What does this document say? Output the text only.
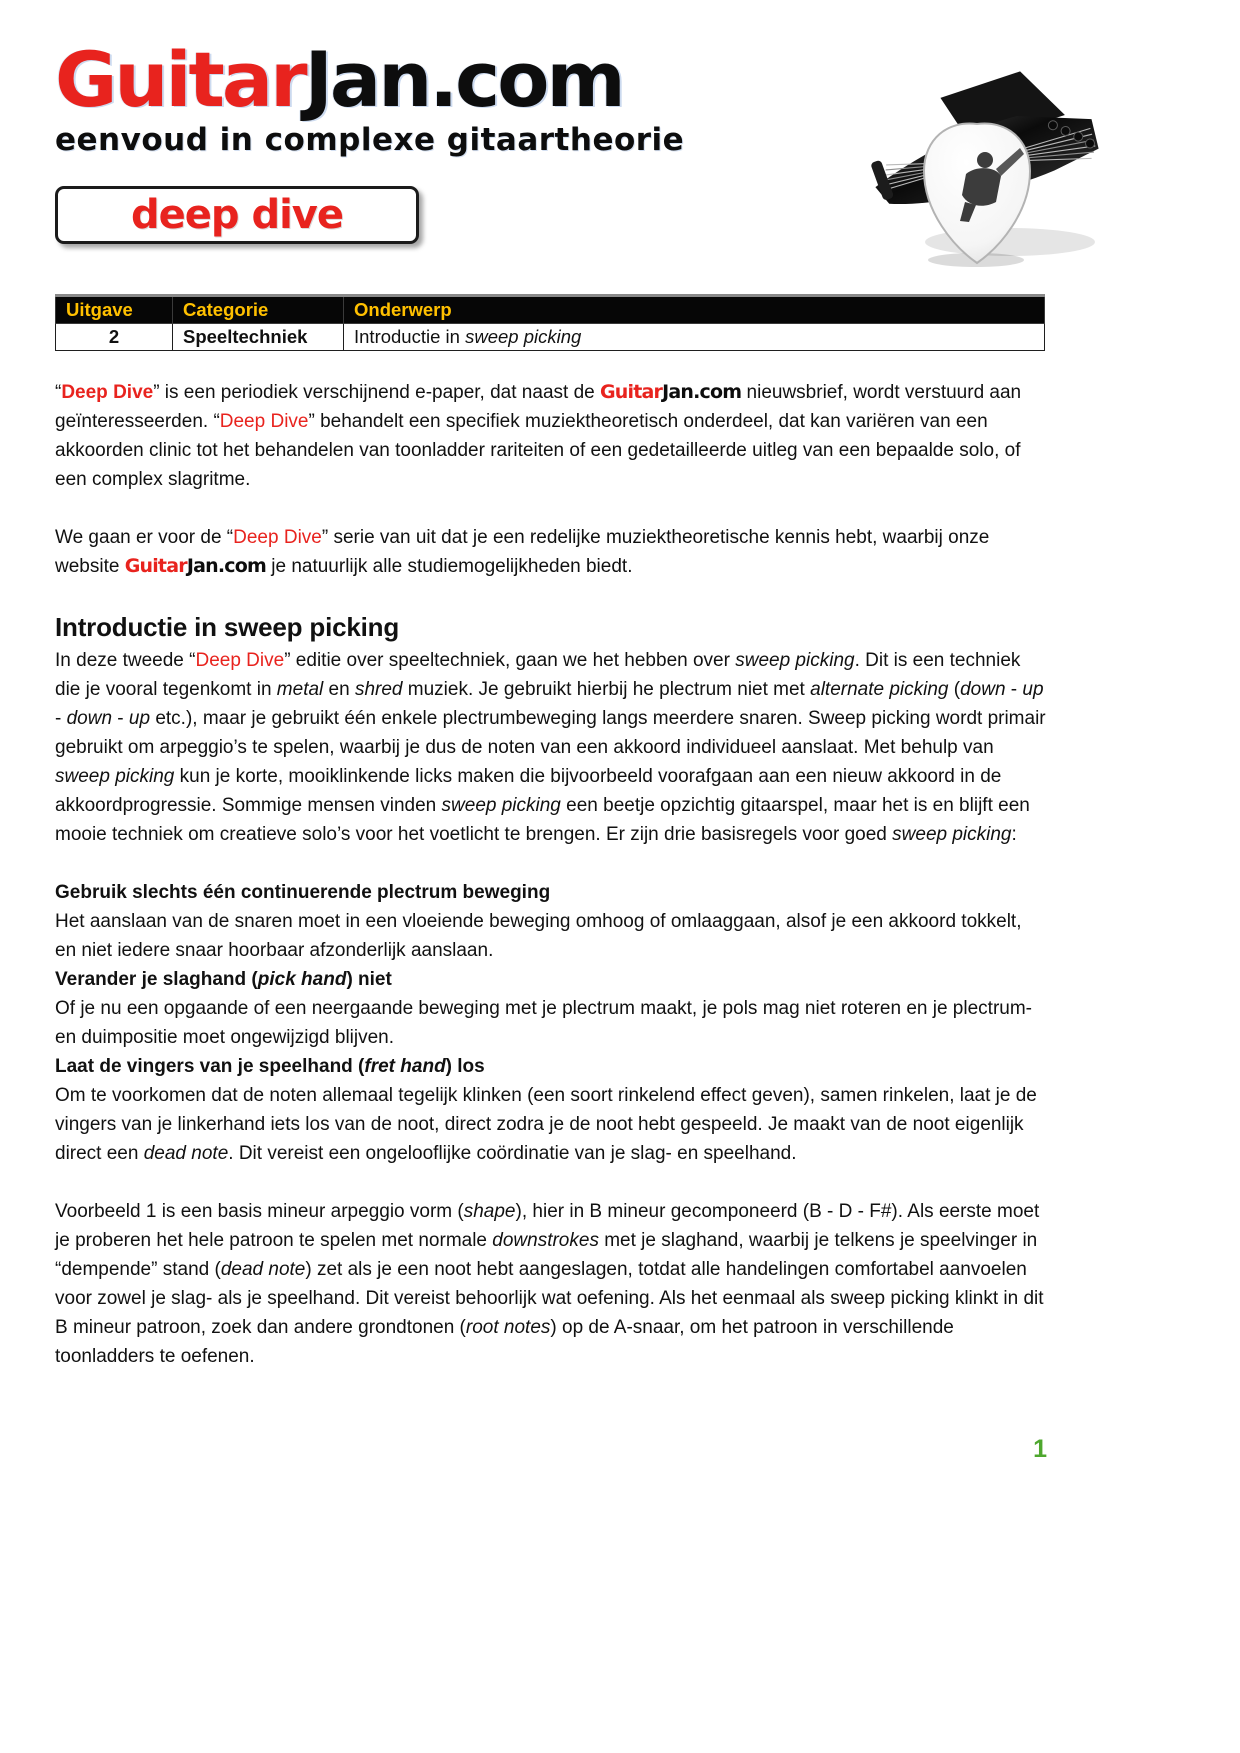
GuitarJan.com
eenvoud in complexe gitaartheorie
deep dive
Uitgave	Categorie	Onderwerp
2	Speeltechniek	Introductie in sweep picking

“Deep Dive” is een periodiek verschijnend e-paper, dat naast de GuitarJan.com nieuwsbrief, wordt verstuurd aan geïnteresseerden. “Deep Dive” behandelt een specifiek muziektheoretisch onderdeel, dat kan variëren van een akkoorden clinic tot het behandelen van toonladder rariteiten of een gedetailleerde uitleg van een bepaalde solo, of een complex slagritme.

We gaan er voor de “Deep Dive” serie van uit dat je een redelijke muziektheoretische kennis hebt, waarbij onze website GuitarJan.com je natuurlijk alle studiemogelijkheden biedt.

Introductie in sweep picking

In deze tweede “Deep Dive” editie over speeltechniek, gaan we het hebben over sweep picking. Dit is een techniek die je vooral tegenkomt in metal en shred muziek. Je gebruikt hierbij he plectrum niet met alternate picking (down - up - down - up etc.), maar je gebruikt één enkele plectrumbeweging langs meerdere snaren. Sweep picking wordt primair gebruikt om arpeggio’s te spelen, waarbij je dus de noten van een akkoord individueel aanslaat. Met behulp van sweep picking kun je korte, mooiklinkende licks maken die bijvoorbeeld voorafgaan aan een nieuw akkoord in de akkoordprogressie. Sommige mensen vinden sweep picking een beetje opzichtig gitaarspel, maar het is en blijft een mooie techniek om creatieve solo’s voor het voetlicht te brengen. Er zijn drie basisregels voor goed sweep picking:

Gebruik slechts één continuerende plectrum beweging

Het aanslaan van de snaren moet in een vloeiende beweging omhoog of omlaaggaan, alsof je een akkoord tokkelt, en niet iedere snaar hoorbaar afzonderlijk aanslaan.

Verander je slaghand (pick hand) niet

Of je nu een opgaande of een neergaande beweging met je plectrum maakt, je pols mag niet roteren en je plectrum- en duimpositie moet ongewijzigd blijven.

Laat de vingers van je speelhand (fret hand) los

Om te voorkomen dat de noten allemaal tegelijk klinken (een soort rinkelend effect geven), samen rinkelen, laat je de vingers van je linkerhand iets los van de noot, direct zodra je de noot hebt gespeeld. Je maakt van de noot eigenlijk direct een dead note. Dit vereist een ongelooflijke coördinatie van je slag- en speelhand.

Voorbeeld 1 is een basis mineur arpeggio vorm (shape), hier in B mineur gecomponeerd (B - D - F#). Als eerste moet je proberen het hele patroon te spelen met normale downstrokes met je slaghand, waarbij je telkens je speelvinger in “dempende” stand (dead note) zet als je een noot hebt aangeslagen, totdat alle handelingen comfortabel aanvoelen voor zowel je slag- als je speelhand. Dit vereist behoorlijk wat oefening. Als het eenmaal als sweep picking klinkt in dit B mineur patroon, zoek dan andere grondtonen (root notes) op de A-snaar, om het patroon in verschillende toonladders te oefenen.

1
